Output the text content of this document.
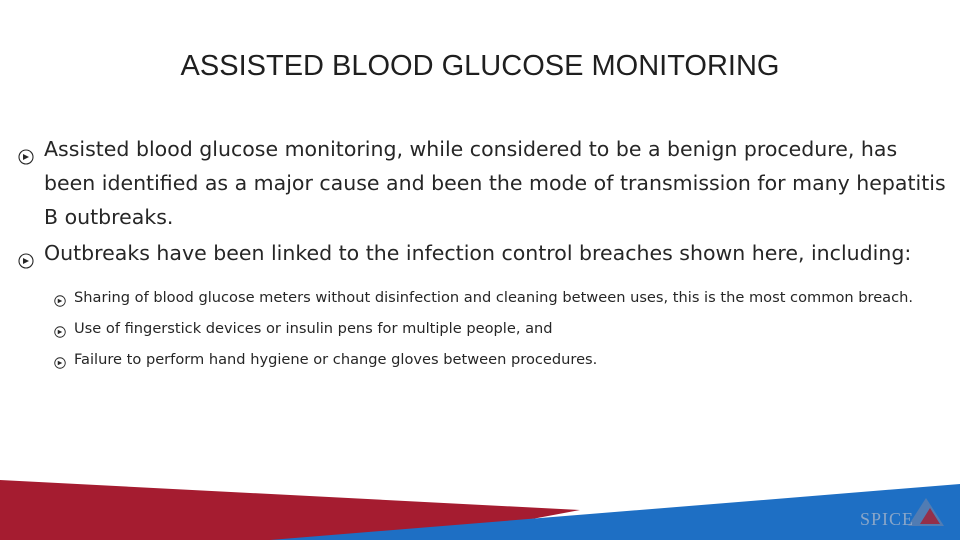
ASSISTED BLOOD GLUCOSE MONITORING
Assisted blood glucose monitoring, while considered to be a benign procedure, has been identified as a major cause and been the mode of transmission for many hepatitis B outbreaks.
Outbreaks have been linked to the infection control breaches shown here, including:
Sharing of blood glucose meters without disinfection and cleaning between uses, this is the most common breach.
Use of fingerstick devices or insulin pens for multiple people, and
Failure to perform hand hygiene or change gloves between procedures.
SPICE
